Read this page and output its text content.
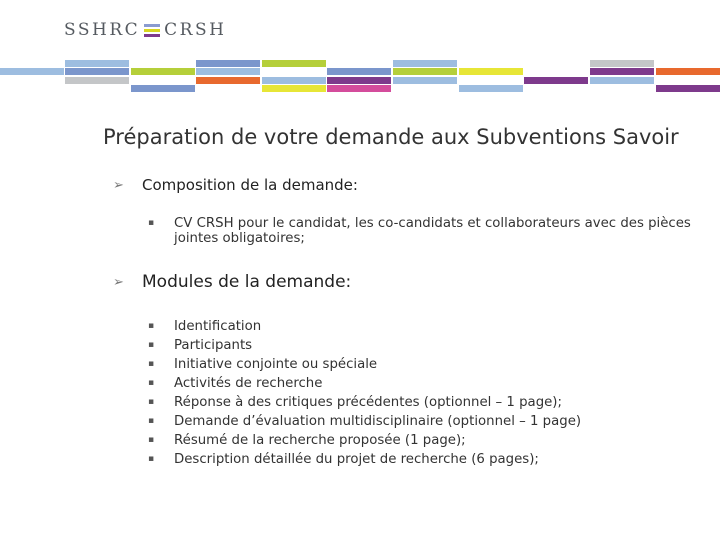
SSHRC CRSH
Préparation de votre demande aux Subventions Savoir
➢	Composition de la demande:
▪ CV CRSH pour le candidat, les co-candidats et collaborateurs avec des pièces jointes obligatoires;
➢ Modules de la demande:
▪ Identification
▪ Participants
▪ Initiative conjointe ou spéciale
▪ Activités de recherche
▪ Réponse à des critiques précédentes (optionnel – 1 page);
▪ Demande d’évaluation multidisciplinaire (optionnel – 1 page)
▪ Résumé de la recherche proposée (1 page);
▪ Description détaillée du projet de recherche (6 pages);
